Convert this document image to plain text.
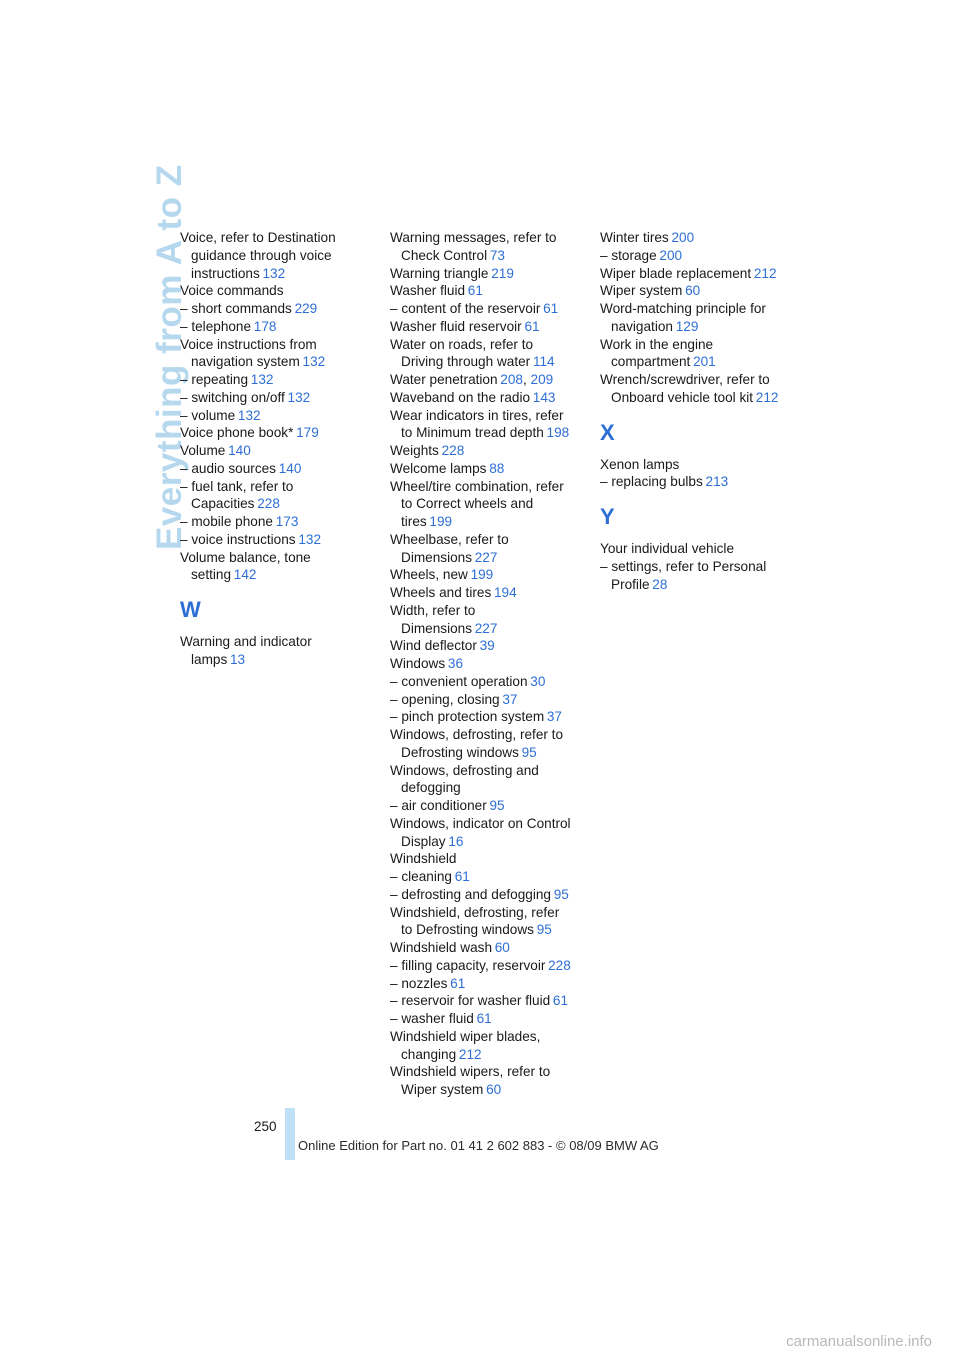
Everything from A to Z
Voice, refer to Destination
guidance through voice
instructions  132
Voice commands
– short commands  229
– telephone  178
Voice instructions from
navigation system  132
– repeating  132
– switching on/off  132
– volume  132
Voice phone book*  179
Volume  140
– audio sources  140
– fuel tank, refer to
Capacities  228
– mobile phone  173
– voice instructions  132
Volume balance, tone
setting  142
W
Warning and indicator
lamps  13
Warning messages, refer to
Check Control  73
Warning triangle  219
Washer fluid  61
– content of the reservoir  61
Washer fluid reservoir  61
Water on roads, refer to
Driving through water  114
Water penetration  208, 209
Waveband on the radio  143
Wear indicators in tires, refer
to Minimum tread depth  198
Weights  228
Welcome lamps  88
Wheel/tire combination, refer
to Correct wheels and
tires  199
Wheelbase, refer to
Dimensions  227
Wheels, new  199
Wheels and tires  194
Width, refer to
Dimensions  227
Wind deflector  39
Windows  36
– convenient operation  30
– opening, closing  37
– pinch protection system  37
Windows, defrosting, refer to
Defrosting windows  95
Windows, defrosting and
defogging
– air conditioner  95
Windows, indicator on Control
Display  16
Windshield
– cleaning  61
– defrosting and defogging  95
Windshield, defrosting, refer
to Defrosting windows  95
Windshield wash  60
– filling capacity, reservoir  228
– nozzles  61
– reservoir for washer fluid  61
– washer fluid  61
Windshield wiper blades,
changing  212
Windshield wipers, refer to
Wiper system  60
Winter tires  200
– storage  200
Wiper blade replacement  212
Wiper system  60
Word-matching principle for
navigation  129
Work in the engine
compartment  201
Wrench/screwdriver, refer to
Onboard vehicle tool kit  212
X
Xenon lamps
– replacing bulbs  213
Y
Your individual vehicle
– settings, refer to Personal
Profile  28
250
Online Edition for Part no. 01 41 2 602 883 - © 08/09 BMW AG
carmanualsonline.info
